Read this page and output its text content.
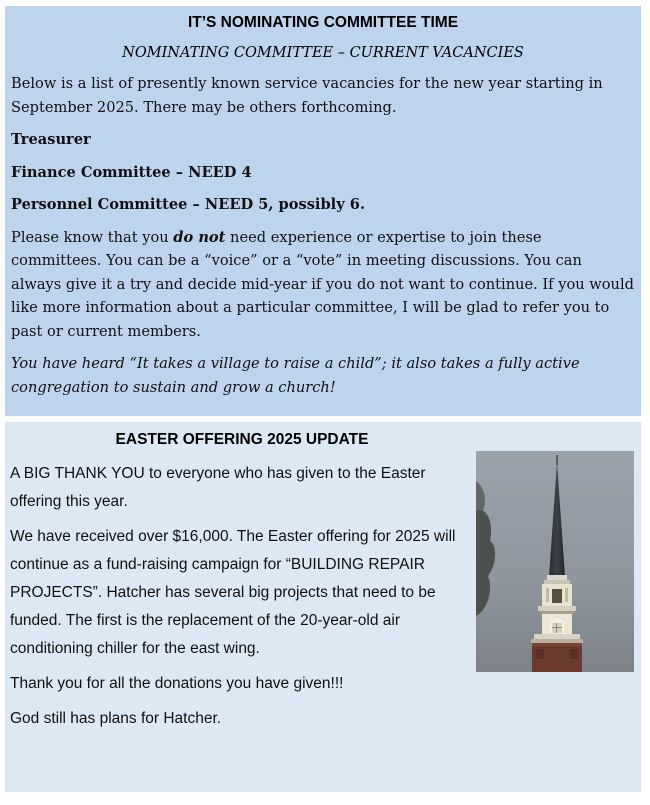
IT’S NOMINATING COMMITTEE TIME

NOMINATING COMMITTEE – CURRENT VACANCIES

Below is a list of presently known service vacancies for the new year starting in September 2025. There may be others forthcoming.

Treasurer

Finance Committee – NEED 4

Personnel Committee – NEED 5, possibly 6.

Please know that you do not need experience or expertise to join these committees. You can be a “voice” or a “vote” in meeting discussions. You can always give it a try and decide mid-year if you do not want to continue. If you would like more information about a particular committee, I will be glad to refer you to past or current members.

You have heard “It takes a village to raise a child”; it also takes a fully active congregation to sustain and grow a church!

EASTER OFFERING 2025 UPDATE

A BIG THANK YOU to everyone who has given to the Easter offering this year.

We have received over $16,000. The Easter offering for 2025 will continue as a fund-raising campaign for “BUILDING REPAIR PROJECTS”. Hatcher has several big projects that need to be funded. The first is the replacement of the 20-year-old air conditioning chiller for the east wing.

Thank you for all the donations you have given!!!

God still has plans for Hatcher.
